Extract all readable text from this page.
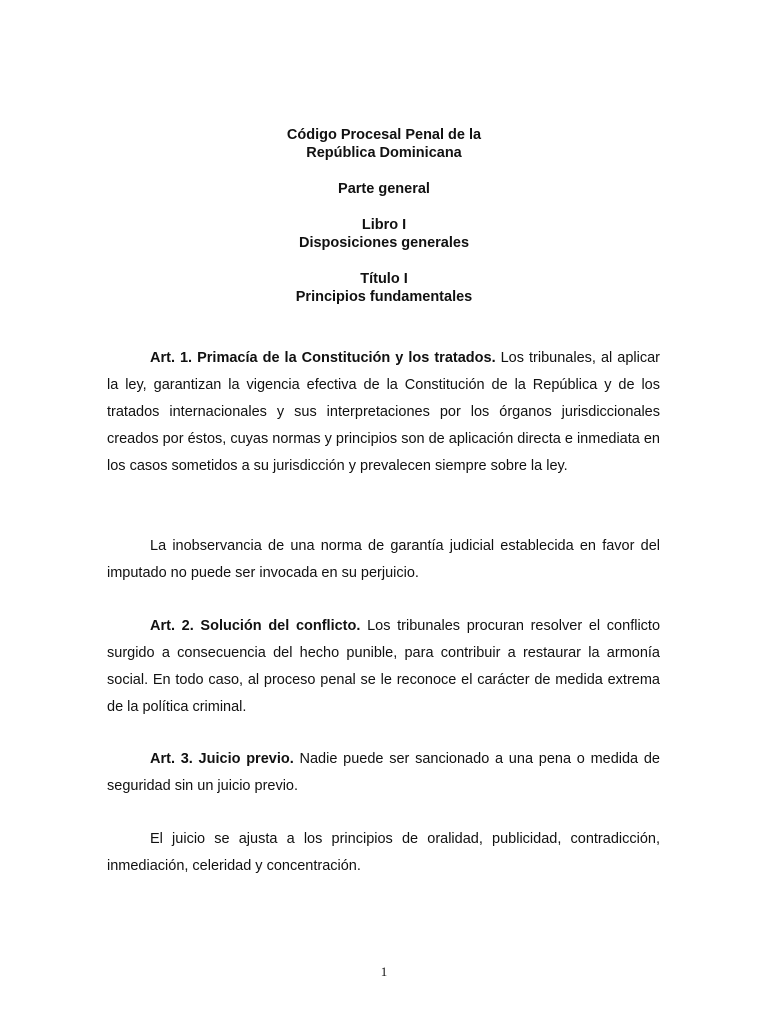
Código Procesal Penal de la
República Dominicana
Parte general
Libro I
Disposiciones generales
Título I
Principios fundamentales

Art. 1. Primacía de la Constitución y los tratados. Los tribunales, al aplicar la ley, garantizan la vigencia efectiva de la Constitución de la República y de los tratados internacionales y sus interpretaciones por los órganos jurisdiccionales creados por éstos, cuyas normas y principios son de aplicación directa e inmediata en los casos sometidos a su jurisdicción y prevalecen siempre sobre la ley.

La inobservancia de una norma de garantía judicial establecida en favor del imputado no puede ser invocada en su perjuicio.

Art. 2. Solución del conflicto. Los tribunales procuran resolver el conflicto surgido a consecuencia del hecho punible, para contribuir a restaurar la armonía social. En todo caso, al proceso penal se le reconoce el carácter de medida extrema de la política criminal.

Art. 3. Juicio previo. Nadie puede ser sancionado a una pena o medida de seguridad sin un juicio previo.

El juicio se ajusta a los principios de oralidad, publicidad, contradicción, inmediación, celeridad y concentración.

1
